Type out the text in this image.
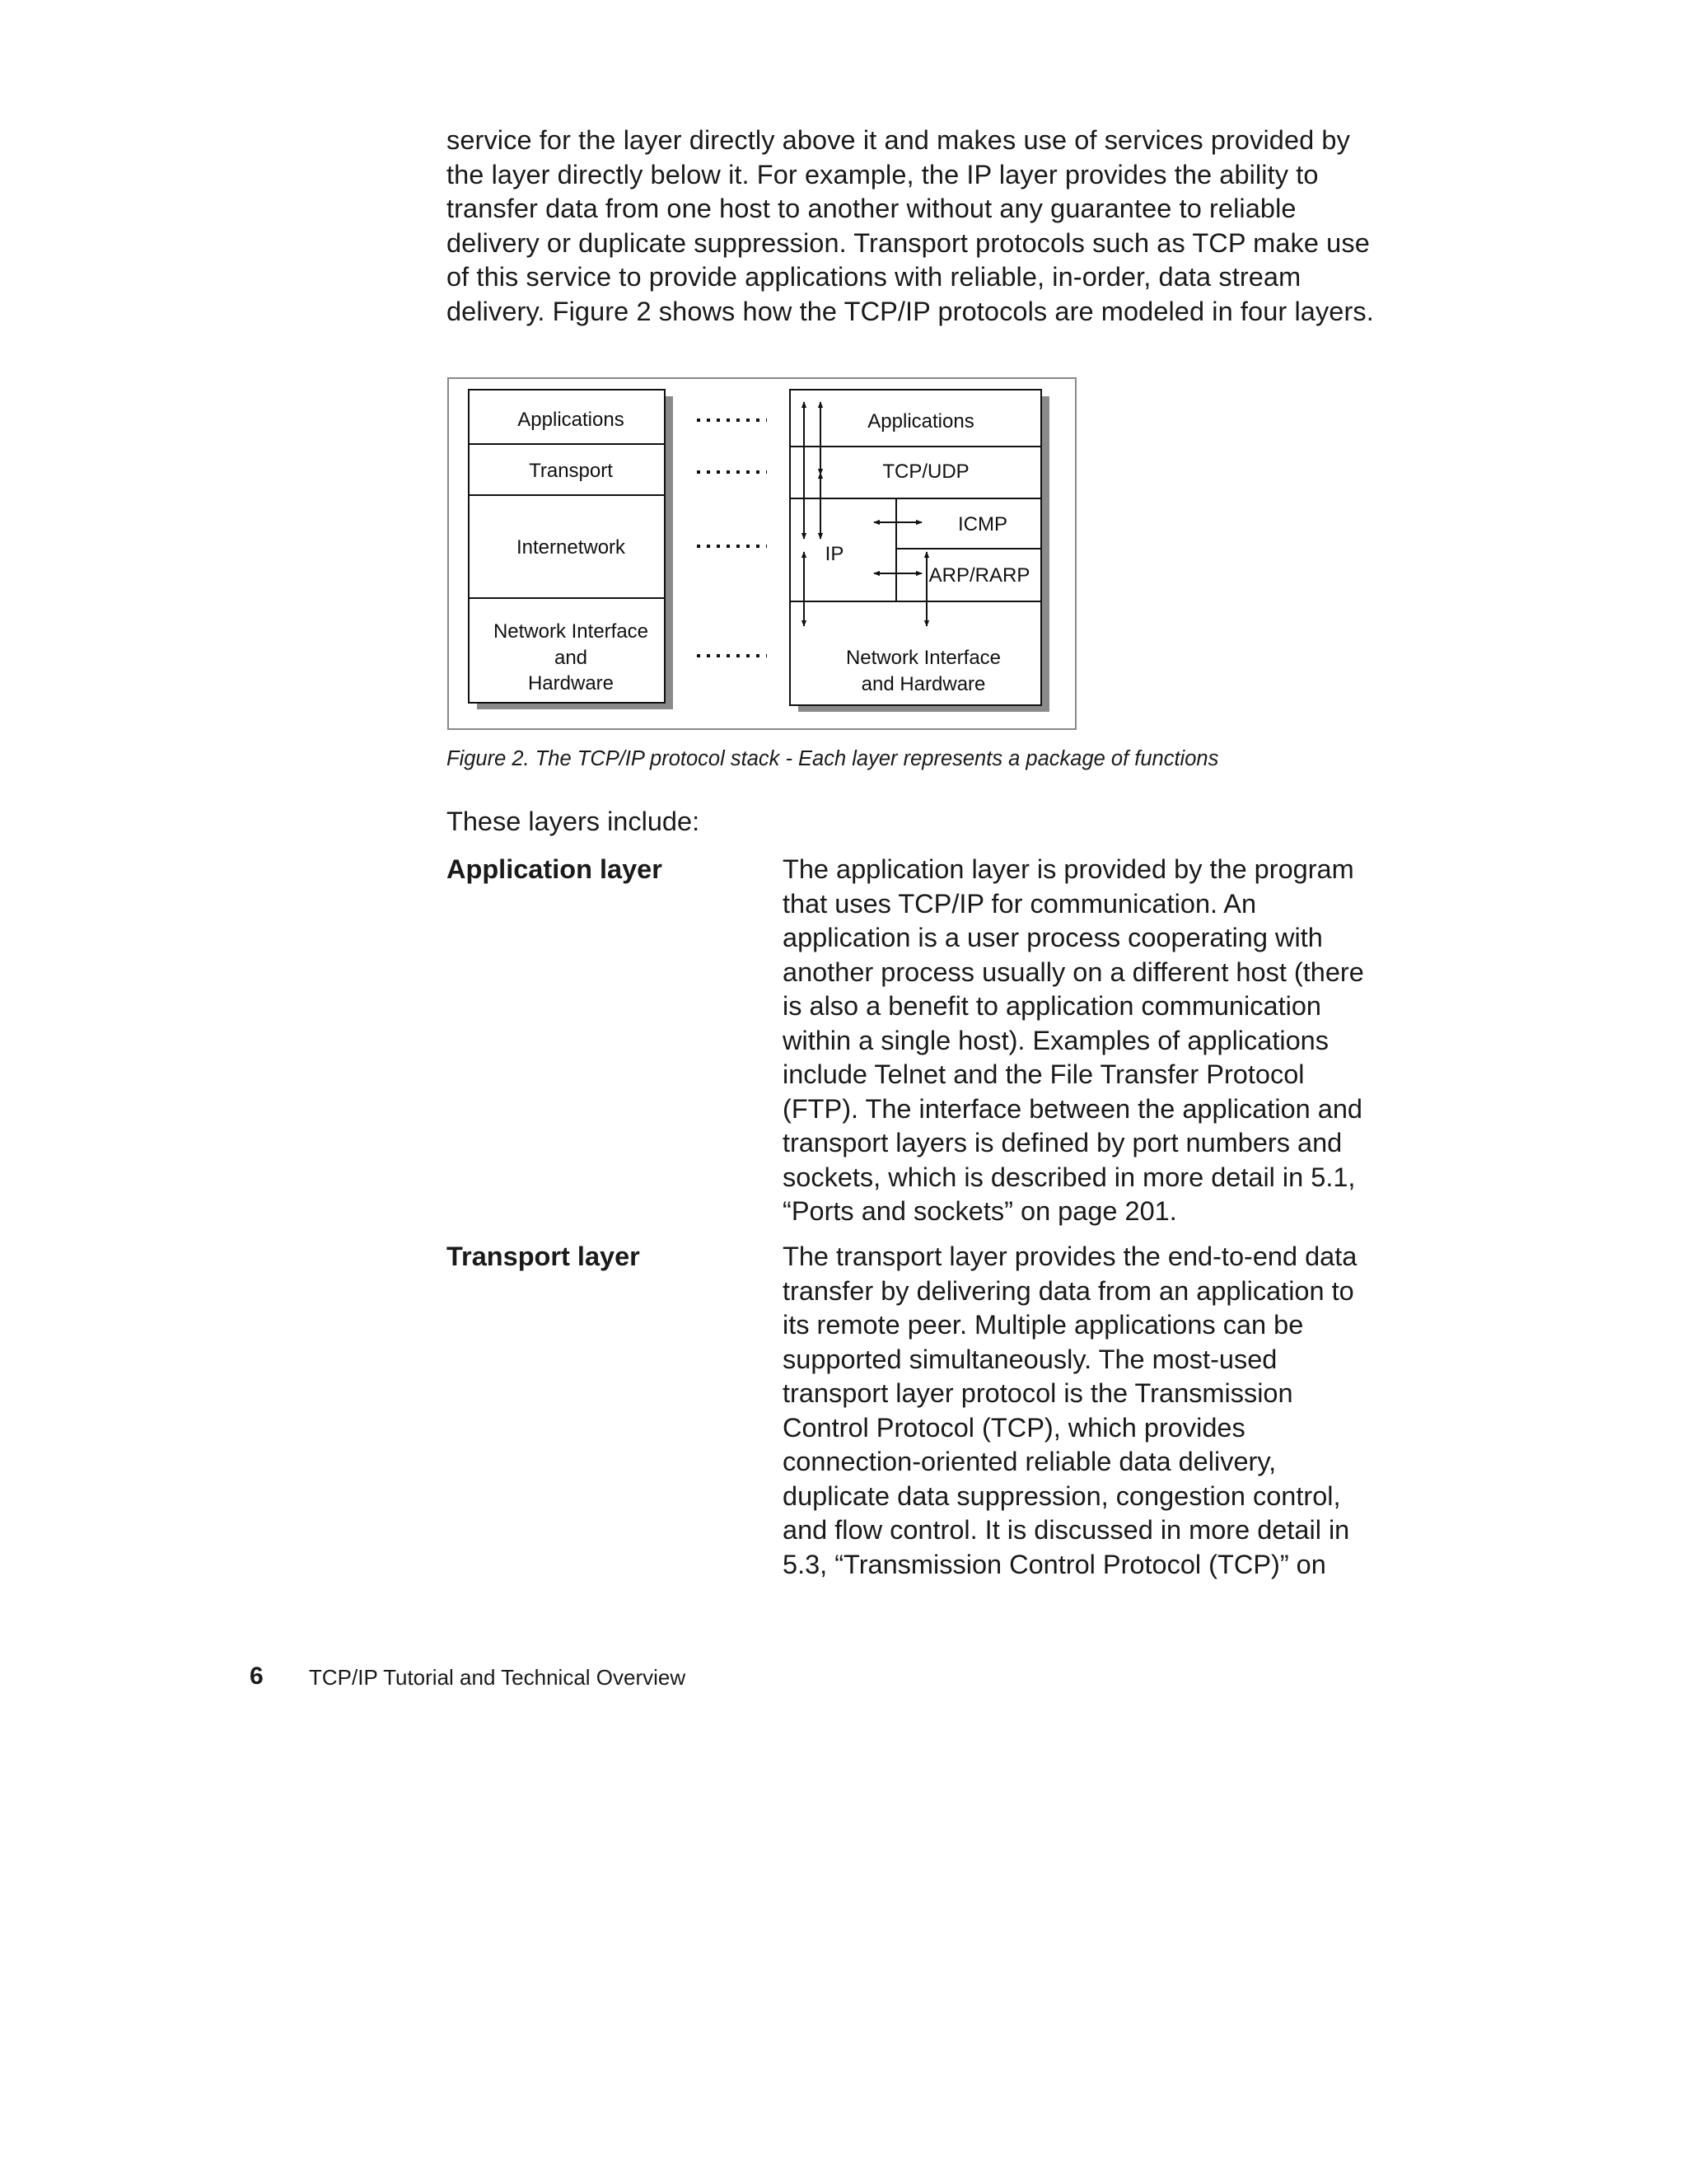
service for the layer directly above it and makes use of services provided by
the layer directly below it. For example, the IP layer provides the ability to
transfer data from one host to another without any guarantee to reliable
delivery or duplicate suppression. Transport protocols such as TCP make use
of this service to provide applications with reliable, in-order, data stream
delivery. Figure 2 shows how the TCP/IP protocols are modeled in four layers.

Applications
Transport
Internetwork
Network Interface
and
Hardware
Applications
TCP/UDP
IP
ICMP
ARP/RARP
Network Interface
and Hardware

Figure 2. The TCP/IP protocol stack - Each layer represents a package of functions

These layers include:

Application layer	The application layer is provided by the program
that uses TCP/IP for communication. An
application is a user process cooperating with
another process usually on a different host (there
is also a benefit to application communication
within a single host). Examples of applications
include Telnet and the File Transfer Protocol
(FTP). The interface between the application and
transport layers is defined by port numbers and
sockets, which is described in more detail in 5.1,
“Ports and sockets” on page 201.
Transport layer	The transport layer provides the end-to-end data
transfer by delivering data from an application to
its remote peer. Multiple applications can be
supported simultaneously. The most-used
transport layer protocol is the Transmission
Control Protocol (TCP), which provides
connection-oriented reliable data delivery,
duplicate data suppression, congestion control,
and flow control. It is discussed in more detail in
5.3, “Transmission Control Protocol (TCP)” on
6 TCP/IP Tutorial and Technical Overview
